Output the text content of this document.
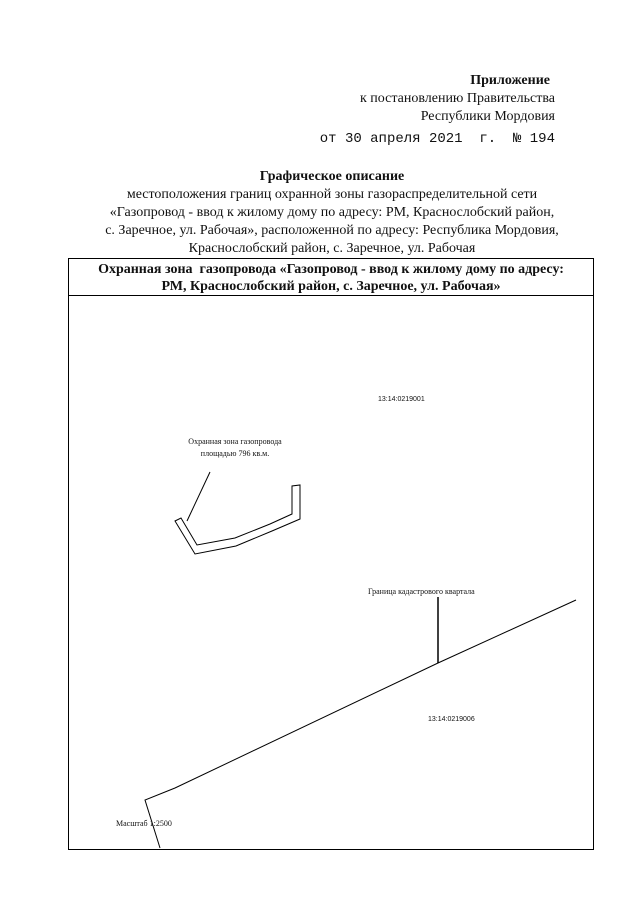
Приложение
к постановлению Правительства
Республики Мордовия
от 30 апреля 2021  г.  № 194
Графическое описание
местоположения границ охранной зоны газораспределительной сети
«Газопровод - ввод к жилому дому по адресу: РМ, Краснослобский район,
с. Заречное, ул. Рабочая», расположенной по адресу: Республика Мордовия,
Краснослобский район, с. Заречное, ул. Рабочая
Охранная зона  газопровода «Газопровод - ввод к жилому дому по адресу:
РМ, Краснослобский район, с. Заречное, ул. Рабочая»
13:14:0219001
13:14:0219006
Охранная зона газопровода
площадью 796 кв.м.
Граница кадастрового квартала
Масштаб 1:2500
